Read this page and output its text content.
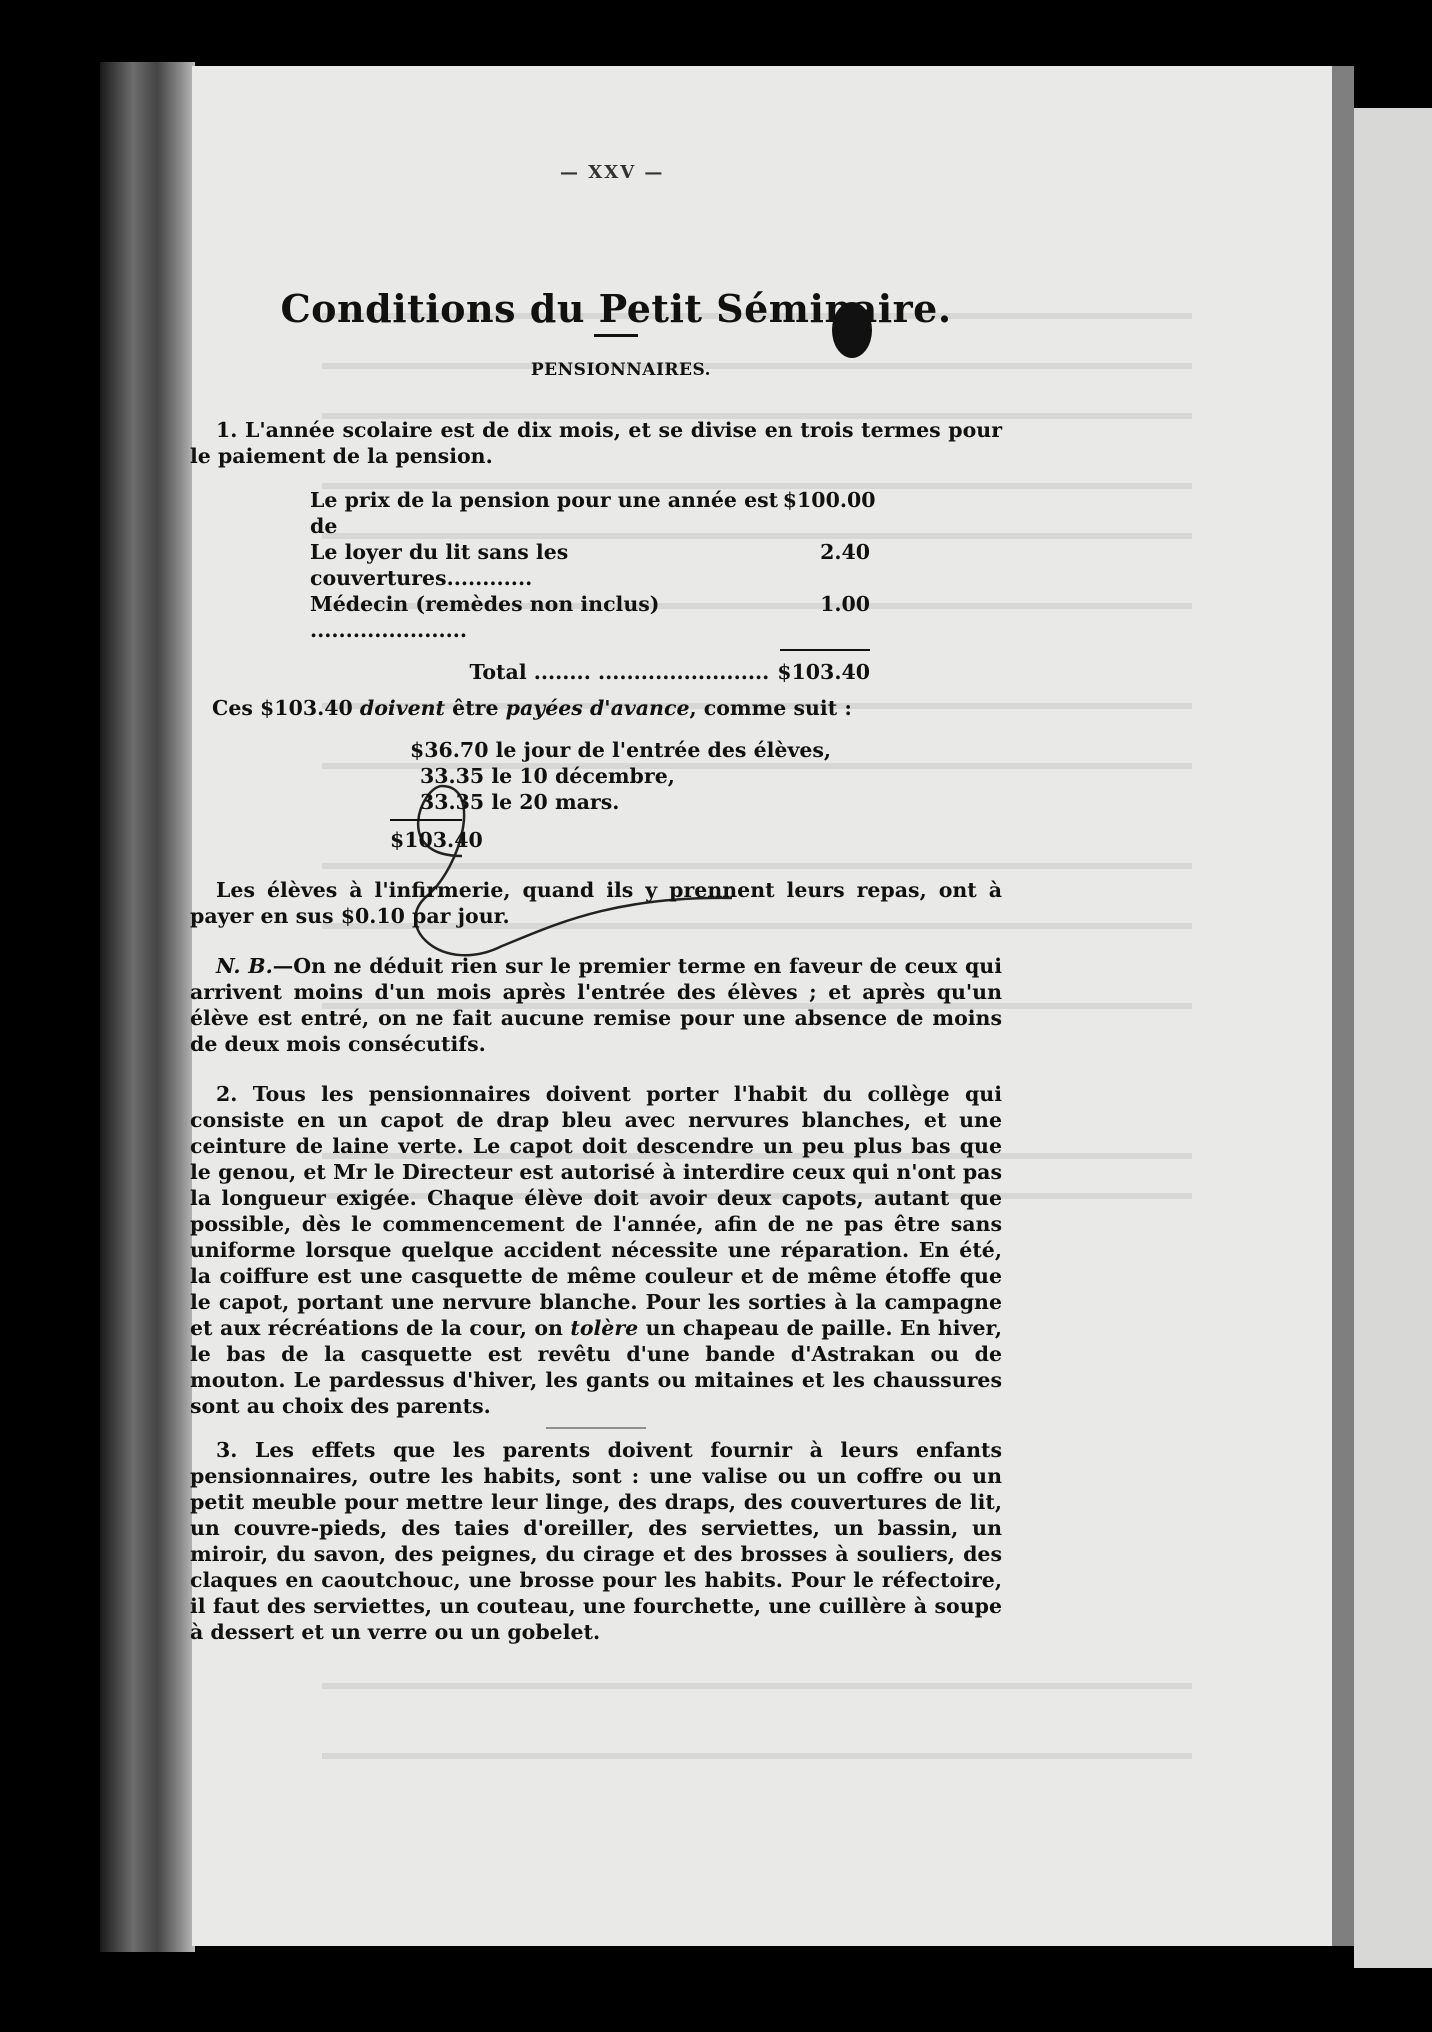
— XXV —
Conditions du Petit Séminaire.
PENSIONNAIRES.

1. L'année scolaire est de dix mois, et se divise en trois termes pour le paiement de la pension.

Le prix de la pension pour une année est de
$100.00
Le loyer du lit sans les couvertures............
2.40
Médecin (remèdes non inclus) ......................
1.00
Total ........ ........................ $103.40

Ces $103.40 doivent être payées d'avance, comme suit :

$36.70 le jour de l'entrée des élèves,
33.35 le 10 décembre,
33.35 le 20 mars.
$103.40

Les élèves à l'infirmerie, quand ils y prennent leurs repas, ont à payer en sus $0.10 par jour.

N. B.—On ne déduit rien sur le premier terme en faveur de ceux qui arrivent moins d'un mois après l'entrée des élèves ; et après qu'un élève est entré, on ne fait aucune remise pour une absence de moins de deux mois consécutifs.

2. Tous les pensionnaires doivent porter l'habit du collège qui consiste en un capot de drap bleu avec nervures blanches, et une ceinture de laine verte. Le capot doit descendre un peu plus bas que le genou, et Mr le Directeur est autorisé à interdire ceux qui n'ont pas la longueur exigée. Chaque élève doit avoir deux capots, autant que possible, dès le commencement de l'année, afin de ne pas être sans uniforme lorsque quelque accident nécessite une réparation. En été, la coiffure est une casquette de même couleur et de même étoffe que le capot, portant une nervure blanche. Pour les sorties à la campagne et aux récréations de la cour, on tolère un chapeau de paille. En hiver, le bas de la casquette est revêtu d'une bande d'Astrakan ou de mouton. Le pardessus d'hiver, les gants ou mitaines et les chaussures sont au choix des parents.

3. Les effets que les parents doivent fournir à leurs enfants pensionnaires, outre les habits, sont : une valise ou un coffre ou un petit meuble pour mettre leur linge, des draps, des couvertures de lit, un couvre-pieds, des taies d'oreiller, des serviettes, un bassin, un miroir, du savon, des peignes, du cirage et des brosses à souliers, des claques en caoutchouc, une brosse pour les habits. Pour le réfectoire, il faut des serviettes, un couteau, une fourchette, une cuillère à soupe à dessert et un verre ou un gobelet.
